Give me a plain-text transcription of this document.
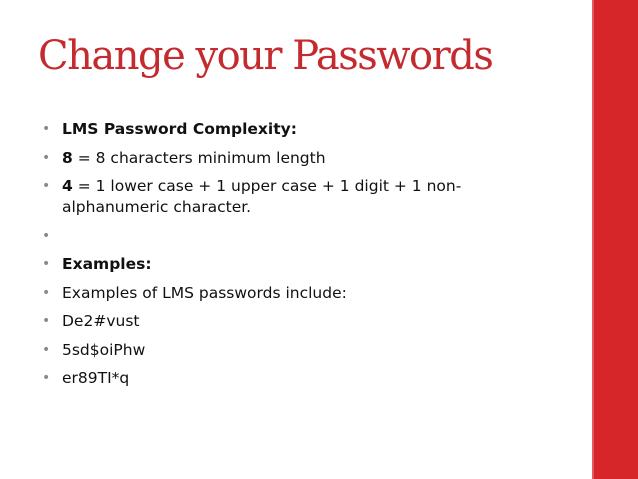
Change your Passwords
• LMS Password Complexity:
• 8 = 8 characters minimum length
• 4 = 1 lower case + 1 upper case + 1 digit + 1 non-alphanumeric character.
•

• Examples:
• Examples of LMS passwords include:
• De2#vust
• 5sd$oiPhw
• er89TI*q
